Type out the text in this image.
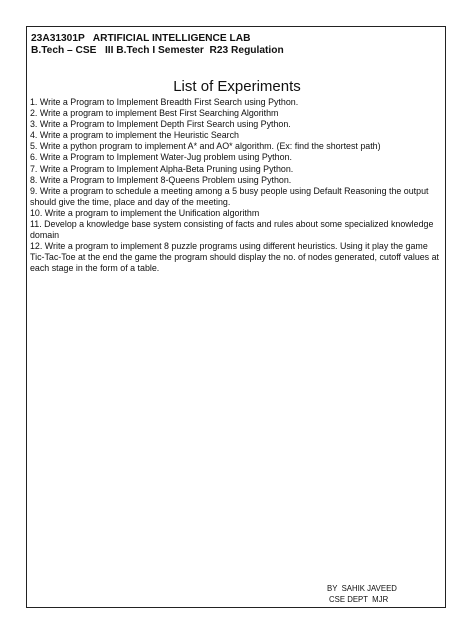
23A31301P   ARTIFICIAL INTELLIGENCE LAB
B.Tech – CSE   III B.Tech I Semester  R23 Regulation
List of Experiments
1. Write a Program to Implement Breadth First Search using Python.
2. Write a program to implement Best First Searching Algorithm
3. Write a Program to Implement Depth First Search using Python.
4. Write a program to implement the Heuristic Search
5. Write a python program to implement A* and AO* algorithm. (Ex: find the shortest path)
6. Write a Program to Implement Water-Jug problem using Python.
7. Write a Program to Implement Alpha-Beta Pruning using Python.
8. Write a Program to Implement 8-Queens Problem using Python.
9. Write a program to schedule a meeting among a 5 busy people using Default Reasoning the output should give the time, place and day of the meeting.
10. Write a program to implement the Unification algorithm
11. Develop a knowledge base system consisting of facts and rules about some specialized knowledge domain
12. Write a program to implement 8 puzzle programs using different heuristics. Using it play the game Tic-Tac-Toe at the end the game the program should display the no. of nodes generated, cutoff values at each stage in the form of a table.
BY  SAHIK JAVEED
CSE DEPT  MJR
